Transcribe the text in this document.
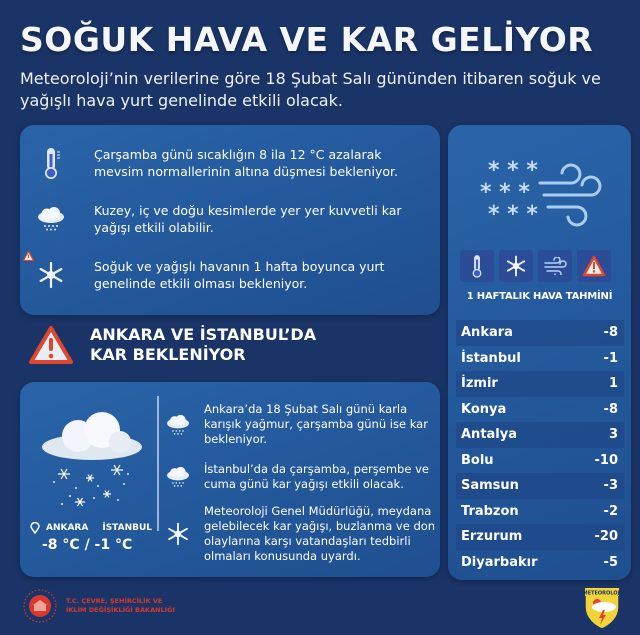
SOĞUK HAVA VE KAR GELİYOR
Meteoroloji’nin verilerine göre 18 Şubat Salı gününden itibaren soğuk ve yağışlı hava yurt genelinde etkili olacak.
Çarşamba günü sıcaklığın 8 ila 12 °C azalarak mevsim normallerinin altına düşmesi bekleniyor.
Kuzey, iç ve doğu kesimlerde yer yer kuvvetli kar yağışı etkili olabilir.
Soğuk ve yağışlı havanın 1 hafta boyunca yurt genelinde etkili olması bekleniyor.
ANKARA VE İSTANBUL’DA
KAR BEKLENİYOR
ANKARA İSTANBUL
-8 °C / -1 °C
Ankara’da 18 Şubat Salı günü karla karışık yağmur, çarşamba günü ise kar bekleniyor.
İstanbul’da da çarşamba, perşembe ve cuma günü kar yağışı etkili olacak.
Meteoroloji Genel Müdürlüğü, meydana gelebilecek kar yağışı, buzlanma ve don olaylarına karşı vatandaşları tedbirli olmaları konusunda uyardı.
* * *
* * *
* * *
1 HAFTALIK HAVA TAHMİNİ
Ankara	-8
İstanbul	-1
İzmir	1
Konya	-8
Antalya	3
Bolu	-10
Samsun	-3
Trabzon	-2
Erzurum	-20
Diyarbakır	-5
T.C. ÇEVRE, ŞEHİRCİLİK VE
İKLİM DEĞİŞİKLİĞİ BAKANLIĞI
METEOROLOJİ
